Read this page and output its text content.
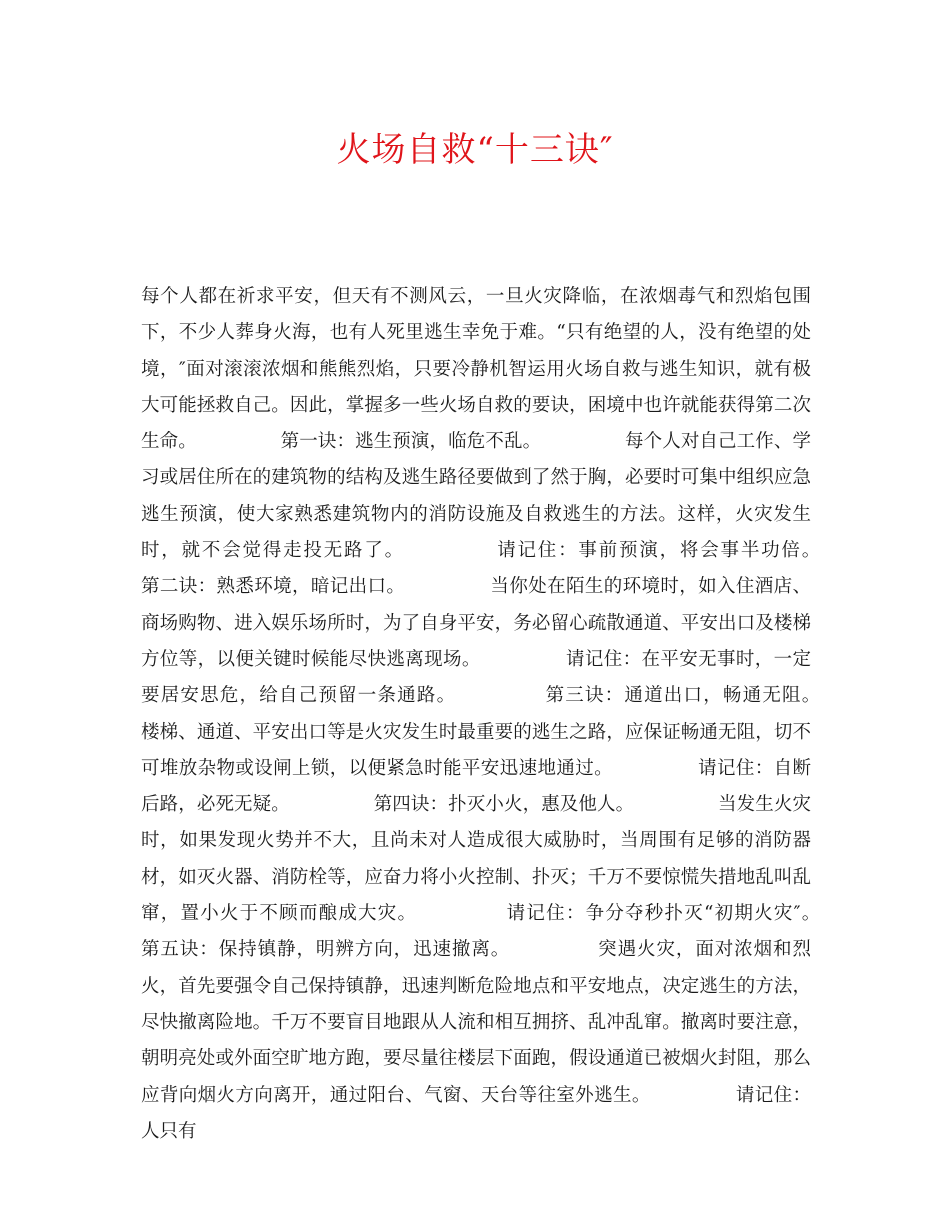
火场自救“十三诀″
每个人都在祈求平安，但天有不测风云，一旦火灾降临，在浓烟毒气和烈焰包围下，不少人葬身火海，也有人死里逃生幸免于难。“只有绝望的人，没有绝望的处境，″面对滚滚浓烟和熊熊烈焰，只要冷静机智运用火场自救与逃生知识，就有极大可能拯救自己。因此，掌握多一些火场自救的要诀，困境中也许就能获得第二次生命。　　　　　第一诀：逃生预演，临危不乱。　　　　　每个人对自己工作、学习或居住所在的建筑物的结构及逃生路径要做到了然于胸，必要时可集中组织应急逃生预演，使大家熟悉建筑物内的消防设施及自救逃生的方法。这样，火灾发生时，就不会觉得走投无路了。　　　　　请记住：事前预演，将会事半功倍。　　　　　第二诀：熟悉环境，暗记出口。　　　　　当你处在陌生的环境时，如入住酒店、商场购物、进入娱乐场所时，为了自身平安，务必留心疏散通道、平安出口及楼梯方位等，以便关键时候能尽快逃离现场。　　　　　请记住：在平安无事时，一定要居安思危，给自己预留一条通路。　　　　　第三诀：通道出口，畅通无阻。　　　　　楼梯、通道、平安出口等是火灾发生时最重要的逃生之路，应保证畅通无阻，切不可堆放杂物或设闸上锁，以便紧急时能平安迅速地通过。　　　　　请记住：自断后路，必死无疑。　　　　　第四诀：扑灭小火，惠及他人。　　　　　当发生火灾时，如果发现火势并不大，且尚未对人造成很大威胁时，当周围有足够的消防器材，如灭火器、消防栓等，应奋力将小火控制、扑灭；千万不要惊慌失措地乱叫乱窜，置小火于不顾而酿成大灾。　　　　　请记住：争分夺秒扑灭“初期火灾″。　　　　　第五诀：保持镇静，明辨方向，迅速撤离。　　　　　突遇火灾，面对浓烟和烈火，首先要强令自己保持镇静，迅速判断危险地点和平安地点，决定逃生的方法，尽快撤离险地。千万不要盲目地跟从人流和相互拥挤、乱冲乱窜。撤离时要注意，朝明亮处或外面空旷地方跑，要尽量往楼层下面跑，假设通道已被烟火封阻，那么应背向烟火方向离开，通过阳台、气窗、天台等往室外逃生。　　　　　请记住：人只有
